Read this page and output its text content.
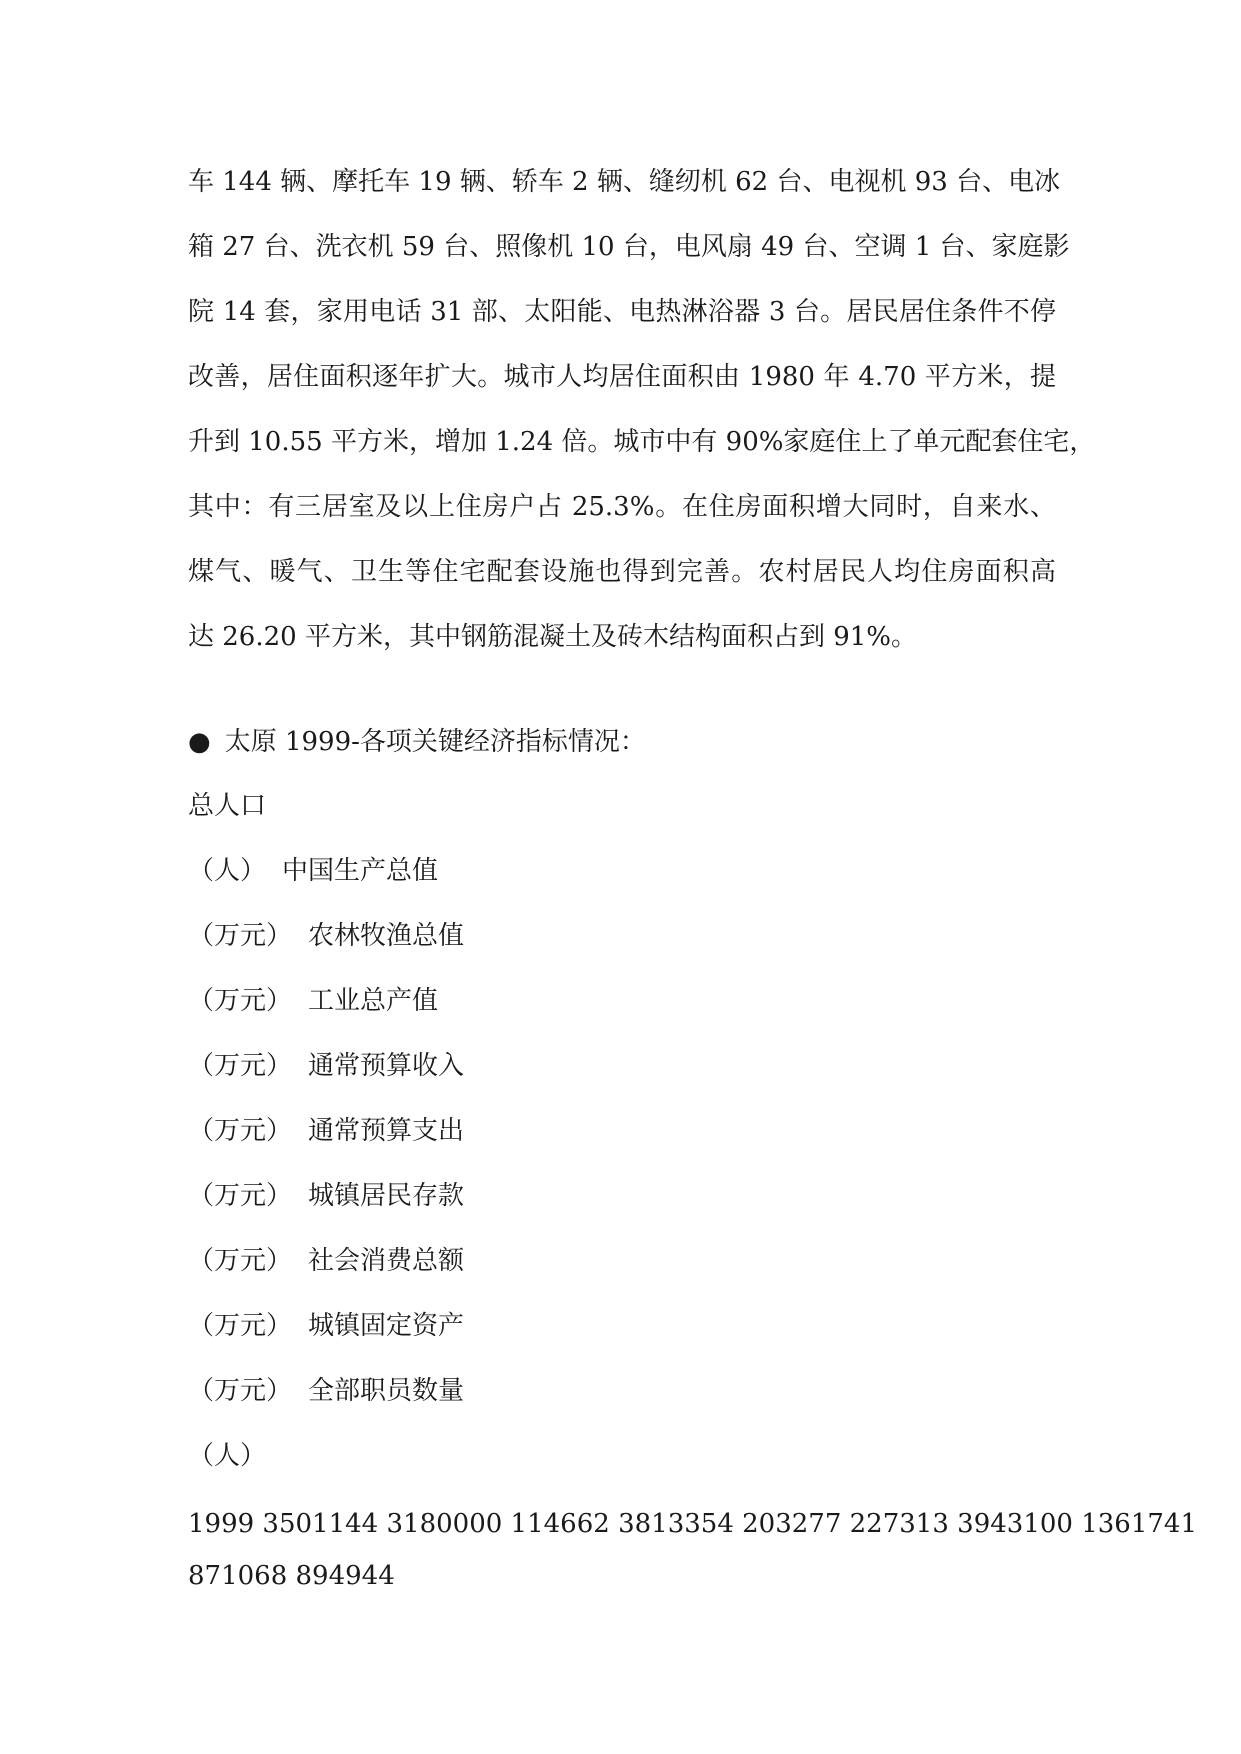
车 144 辆、摩托车 19 辆、轿车 2 辆、缝纫机 62 台、电视机 93 台、电冰

箱 27 台、洗衣机 59 台、照像机 10 台，电风扇 49 台、空调 1 台、家庭影

院 14 套，家用电话 31 部、太阳能、电热淋浴器 3 台。居民居住条件不停

改善，居住面积逐年扩大。城市人均居住面积由 1980 年 4.70 平方米，提

升到 10.55 平方米，增加 1.24 倍。城市中有 90%家庭住上了单元配套住宅，

其中：有三居室及以上住房户占 25.3%。在住房面积增大同时，自来水、

煤气、暖气、卫生等住宅配套设施也得到完善。农村居民人均住房面积高

达 26.20 平方米，其中钢筋混凝土及砖木结构面积占到 91%。

● 太原 1999-各项关键经济指标情况：

总人口

（人） 中国生产总值

（万元） 农林牧渔总值

（万元） 工业总产值

（万元） 通常预算收入

（万元） 通常预算支出

（万元） 城镇居民存款

（万元） 社会消费总额

（万元） 城镇固定资产

（万元） 全部职员数量

（人）

1999 3501144 3180000 114662 3813354 203277 227313 3943100 1361741

871068 894944
